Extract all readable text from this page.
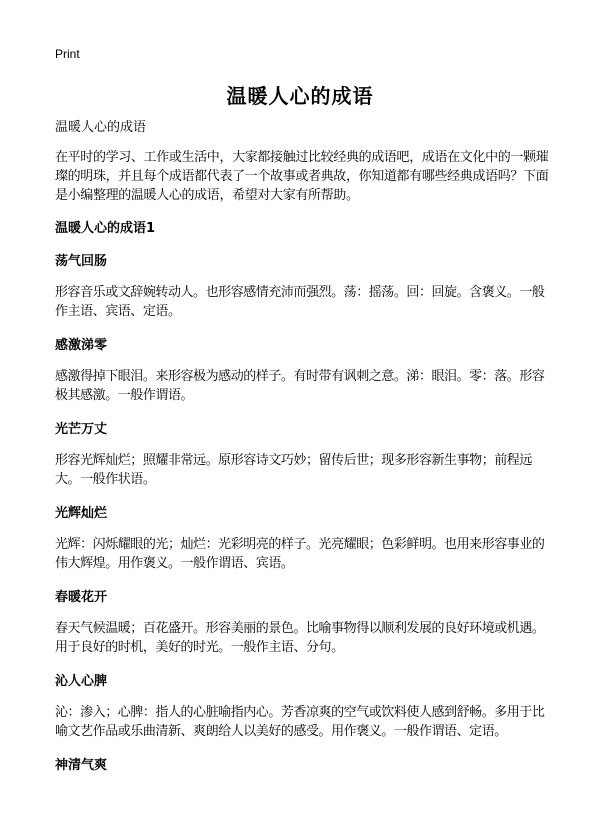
Print
温暖人心的成语

温暖人心的成语

在平时的学习、工作或生活中，大家都接触过比较经典的成语吧，成语在文化中的一颗璀璨的明珠，并且每个成语都代表了一个故事或者典故，你知道都有哪些经典成语吗？下面是小编整理的温暖人心的成语，希望对大家有所帮助。

温暖人心的成语1

荡气回肠

形容音乐或文辞婉转动人。也形容感情充沛而强烈。荡：摇荡。回：回旋。含褒义。一般作主语、宾语、定语。

感激涕零

感激得掉下眼泪。来形容极为感动的样子。有时带有讽刺之意。涕：眼泪。零：落。形容极其感激。一般作谓语。

光芒万丈

形容光辉灿烂；照耀非常远。原形容诗文巧妙；留传后世；现多形容新生事物；前程远大。一般作状语。

光辉灿烂

光辉：闪烁耀眼的光；灿烂：光彩明亮的样子。光亮耀眼；色彩鲜明。也用来形容事业的伟大辉煌。用作褒义。一般作谓语、宾语。

春暖花开

春天气候温暖；百花盛开。形容美丽的景色。比喻事物得以顺利发展的良好环境或机遇。用于良好的时机，美好的时光。一般作主语、分句。

沁人心脾

沁：渗入；心脾：指人的心脏喻指内心。芳香凉爽的空气或饮料使人感到舒畅。多用于比喻文艺作品或乐曲清新、爽朗给人以美好的感受。用作褒义。一般作谓语、定语。

神清气爽
